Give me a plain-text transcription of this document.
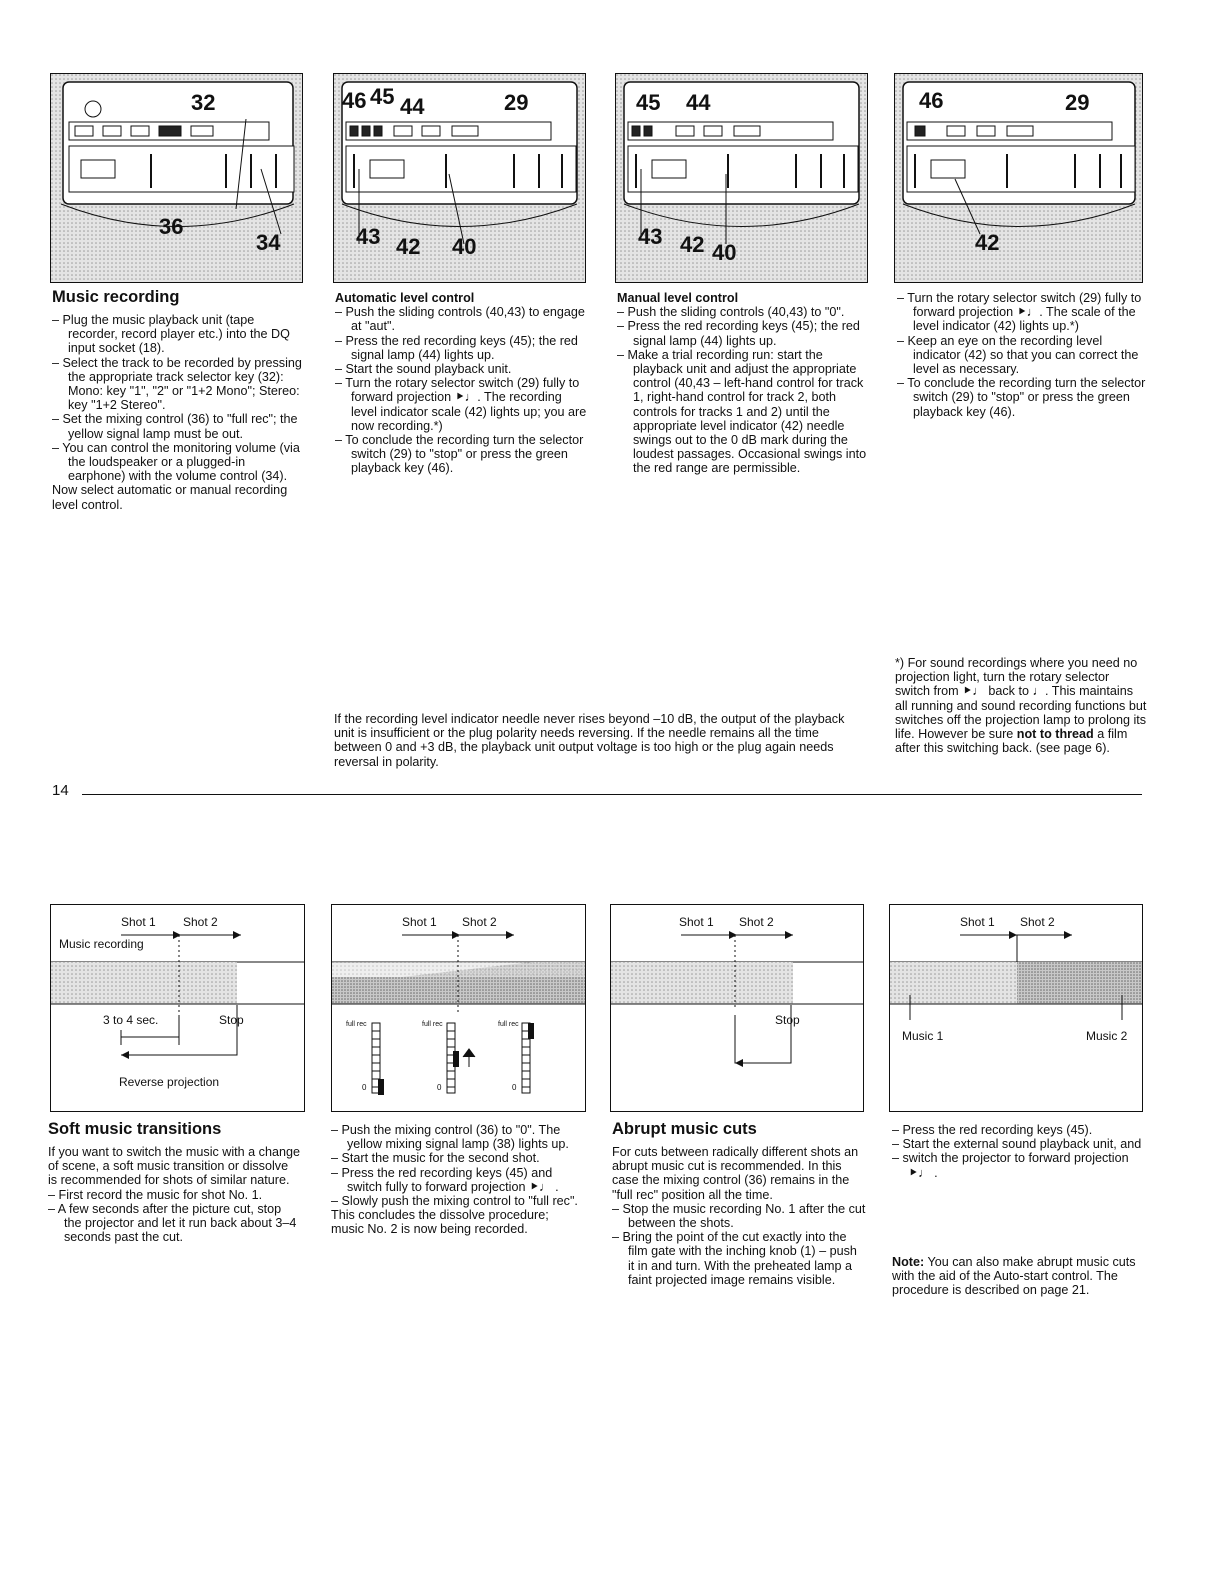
32
36
34
46 45 44	29
43 42 40
45 44
43 42 40
46	29
42
Music recording

– Plug the music playback unit (tape recorder, record player etc.) into the DQ input socket (18).

– Select the track to be recorded by pressing the appropriate track selector key (32): Mono: key "1", "2" or "1+2 Mono"; Stereo: key "1+2 Stereo".

– Set the mixing control (36) to "full rec"; the yellow signal lamp must be out.

– You can control the monitoring volume (via the loudspeaker or a plugged-in earphone) with the volume control (34).

Now select automatic or manual recording level control.

Automatic level control

– Push the sliding controls (40,43) to engage at "aut".

– Press the red recording keys (45); the red signal lamp (44) lights up.

– Start the sound playback unit.

– Turn the rotary selector switch (29) fully to forward projection ⯈♩. The recording level indicator scale (42) lights up; you are now recording.*)

– To conclude the recording turn the selector switch (29) to "stop" or press the green playback key (46).

Manual level control

– Push the sliding controls (40,43) to "0".

– Press the red recording keys (45); the red signal lamp (44) lights up.

– Make a trial recording run: start the playback unit and adjust the appropriate control (40,43 – left-hand control for track 1, right-hand control for track 2, both controls for tracks 1 and 2) until the appropriate level indicator (42) needle swings out to the 0 dB mark during the loudest passages. Occasional swings into the red range are permissible.

– Turn the rotary selector switch (29) fully to forward projection ⯈♩. The scale of the level indicator (42) lights up.*)

– Keep an eye on the recording level indicator (42) so that you can correct the level as necessary.

– To conclude the recording turn the selector switch (29) to "stop" or press the green playback key (46).

If the recording level indicator needle never rises beyond –10 dB, the output of the playback unit is insufficient or the plug polarity needs reversing. If the needle remains all the time between 0 and +3 dB, the playback unit output voltage is too high or the plug again needs reversal in polarity.
*) For sound recordings where you need no projection light, turn the rotary selector switch from ⯈♩ back to ♩. This maintains all running and sound recording functions but switches off the projection lamp to prolong its life. However be sure not to thread a film after this switching back. (see page 6).
14
Shot 1 Shot 2
Music recording
3 to 4 sec.	Stop
Reverse projection
Shot 1 Shot 2
full rec	full rec	full rec
0	0	0
Shot 1 Shot 2
Stop
Shot 1 Shot 2
Music 1	Music 2
Soft music transitions

If you want to switch the music with a change of scene, a soft music transition or dissolve is recommended for shots of similar nature.

– First record the music for shot No. 1.

– A few seconds after the picture cut, stop the projector and let it run back about 3–4 seconds past the cut.

– Push the mixing control (36) to "0". The yellow mixing signal lamp (38) lights up.

– Start the music for the second shot.

– Press the red recording keys (45) and switch fully to forward projection ⯈♩ .

– Slowly push the mixing control to "full rec".

This concludes the dissolve procedure; music No. 2 is now being recorded.

Abrupt music cuts

For cuts between radically different shots an abrupt music cut is recommended. In this case the mixing control (36) remains in the "full rec" position all the time.

– Stop the music recording No. 1 after the cut between the shots.

– Bring the point of the cut exactly into the film gate with the inching knob (1) – push it in and turn. With the preheated lamp a faint projected image remains visible.

– Press the red recording keys (45).

– Start the external sound playback unit, and

– switch the projector to forward projection ⯈♩ .

Note: You can also make abrupt music cuts with the aid of the Auto-start control. The procedure is described on page 21.
